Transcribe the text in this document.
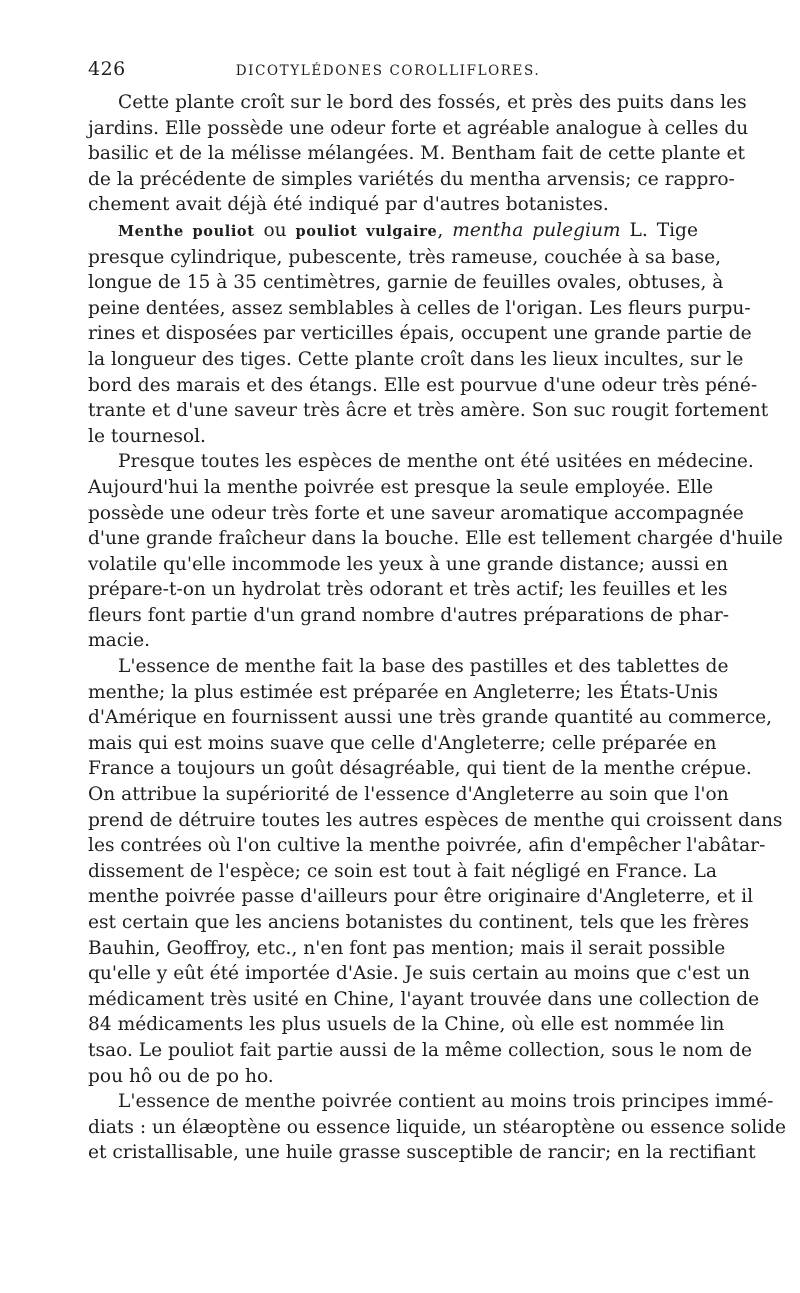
426	DICOTYLÉDONES COROLLIFLORES.

Cette plante croît sur le bord des fossés, et près des puits dans les
jardins. Elle possède une odeur forte et agréable analogue à celles du
basilic et de la mélisse mélangées. M. Bentham fait de cette plante et
de la précédente de simples variétés du mentha arvensis; ce rappro-
chement avait déjà été indiqué par d'autres botanistes.

Menthe pouliot ou pouliot vulgaire, mentha pulegium L. Tige
presque cylindrique, pubescente, très rameuse, couchée à sa base,
longue de 15 à 35 centimètres, garnie de feuilles ovales, obtuses, à
peine dentées, assez semblables à celles de l'origan. Les fleurs purpu-
rines et disposées par verticilles épais, occupent une grande partie de
la longueur des tiges. Cette plante croît dans les lieux incultes, sur le
bord des marais et des étangs. Elle est pourvue d'une odeur très péné-
trante et d'une saveur très âcre et très amère. Son suc rougit fortement
le tournesol.

Presque toutes les espèces de menthe ont été usitées en médecine.
Aujourd'hui la menthe poivrée est presque la seule employée. Elle
possède une odeur très forte et une saveur aromatique accompagnée
d'une grande fraîcheur dans la bouche. Elle est tellement chargée d'huile
volatile qu'elle incommode les yeux à une grande distance; aussi en
prépare-t-on un hydrolat très odorant et très actif; les feuilles et les
fleurs font partie d'un grand nombre d'autres préparations de phar-
macie.

L'essence de menthe fait la base des pastilles et des tablettes de
menthe; la plus estimée est préparée en Angleterre; les États-Unis
d'Amérique en fournissent aussi une très grande quantité au commerce,
mais qui est moins suave que celle d'Angleterre; celle préparée en
France a toujours un goût désagréable, qui tient de la menthe crépue.
On attribue la supériorité de l'essence d'Angleterre au soin que l'on
prend de détruire toutes les autres espèces de menthe qui croissent dans
les contrées où l'on cultive la menthe poivrée, afin d'empêcher l'abâtar-
dissement de l'espèce; ce soin est tout à fait négligé en France. La
menthe poivrée passe d'ailleurs pour être originaire d'Angleterre, et il
est certain que les anciens botanistes du continent, tels que les frères
Bauhin, Geoffroy, etc., n'en font pas mention; mais il serait possible
qu'elle y eût été importée d'Asie. Je suis certain au moins que c'est un
médicament très usité en Chine, l'ayant trouvée dans une collection de
84 médicaments les plus usuels de la Chine, où elle est nommée lin
tsao. Le pouliot fait partie aussi de la même collection, sous le nom de
pou hô ou de po ho.

L'essence de menthe poivrée contient au moins trois principes immé-
diats : un élæoptène ou essence liquide, un stéaroptène ou essence solide
et cristallisable, une huile grasse susceptible de rancir; en la rectifiant
